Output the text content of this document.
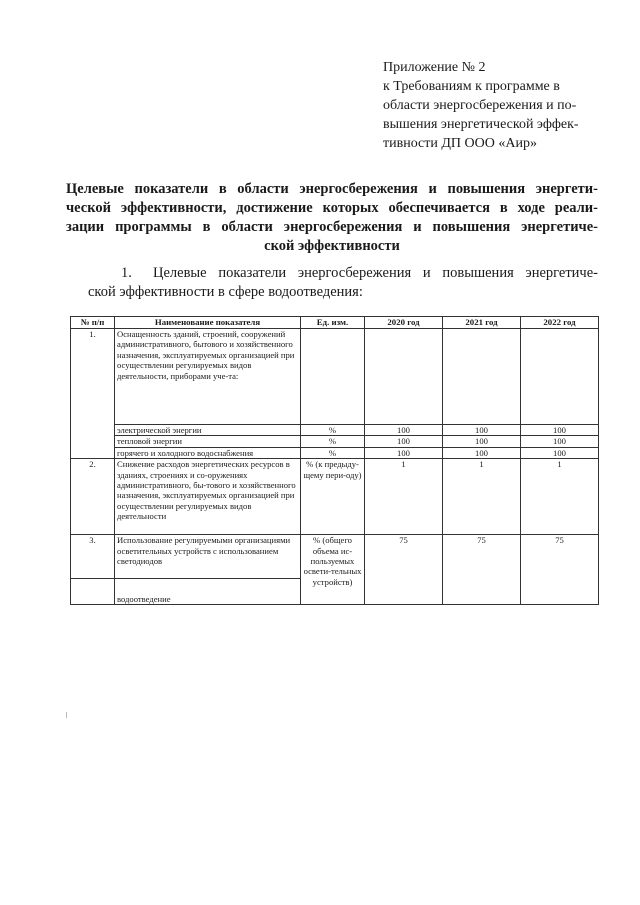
Приложение № 2
к Требованиям к программе в
области энергосбережения и по-
вышения энергетической эффек-
тивности ДП ООО «Аир»
Целевые показатели в области энергосбережения и повышения энергети-
ческой эффективности, достижение которых обеспечивается в ходе реали-
зации программы в области энергосбережения и повышения энергетиче-
ской эффективности
1. Целевые показатели энергосбережения и повышения энергетиче-
ской эффективности в сфере водоотведения:
№ п/п	Наименование показателя	Ед. изм.	2020 год	2021 год	2022 год
1.	Оснащенность зданий, строений, сооружений административного, бытового и хозяйственного назначения, эксплуатируемых организацией при осуществлении регулируемых видов деятельности, приборами уче-та:				
	электрической энергии	%	100	100	100
	тепловой энергии	%	100	100	100
	горячего и холодного водоснабжения	%	100	100	100
2.	Снижение расходов энергетических ресурсов в зданиях, строениях и со-оружениях административного, бы-тового и хозяйственного назначения, эксплуатируемых организацией при осуществлении регулируемых видов деятельности	% (к предыду-щему пери-оду)	1	1	1
3.	Использование регулируемыми организациями осветительных устройств с использованием светодиодов	% (общего объема ис-пользуемых освети-тельных устройств)	75	75	75
	водоотведение				
